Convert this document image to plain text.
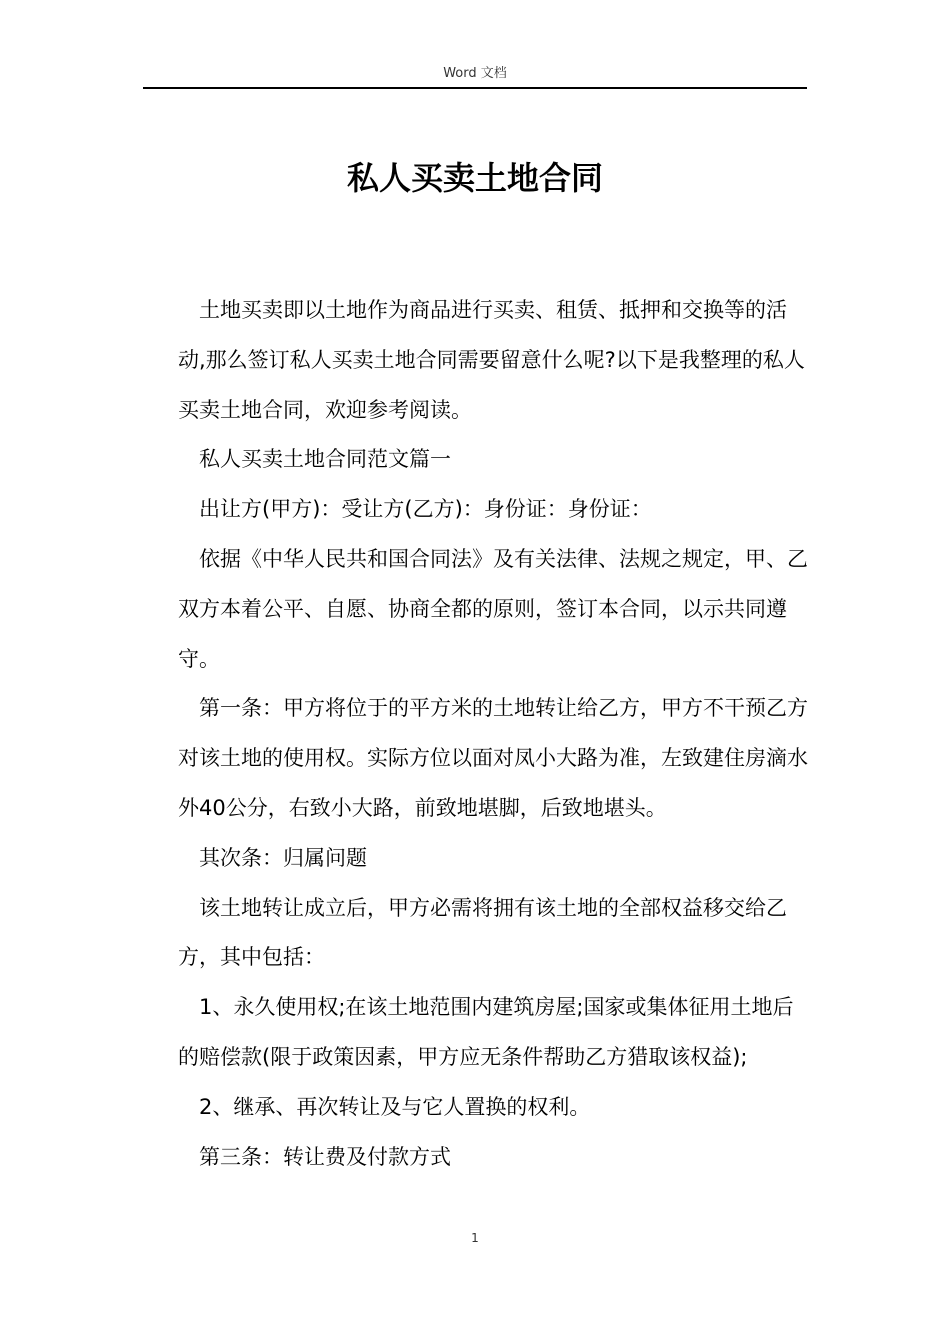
Word 文档
私人买卖土地合同

土地买卖即以土地作为商品进行买卖、租赁、抵押和交换等的活动,那么签订私人买卖土地合同需要留意什么呢?以下是我整理的私人买卖土地合同，欢迎参考阅读。

私人买卖土地合同范文篇一

出让方(甲方)：受让方(乙方)：身份证：身份证：

依据《中华人民共和国合同法》及有关法律、法规之规定，甲、乙双方本着公平、自愿、协商全都的原则，签订本合同，以示共同遵守。

第一条：甲方将位于的平方米的土地转让给乙方，甲方不干预乙方对该土地的使用权。实际方位以面对凤小大路为准，左致建住房滴水外40公分，右致小大路，前致地堪脚，后致地堪头。

其次条：归属问题

该土地转让成立后，甲方必需将拥有该土地的全部权益移交给乙方，其中包括：

1、永久使用权;在该土地范围内建筑房屋;国家或集体征用土地后的赔偿款(限于政策因素，甲方应无条件帮助乙方猎取该权益);

2、继承、再次转让及与它人置换的权利。

第三条：转让费及付款方式

1
